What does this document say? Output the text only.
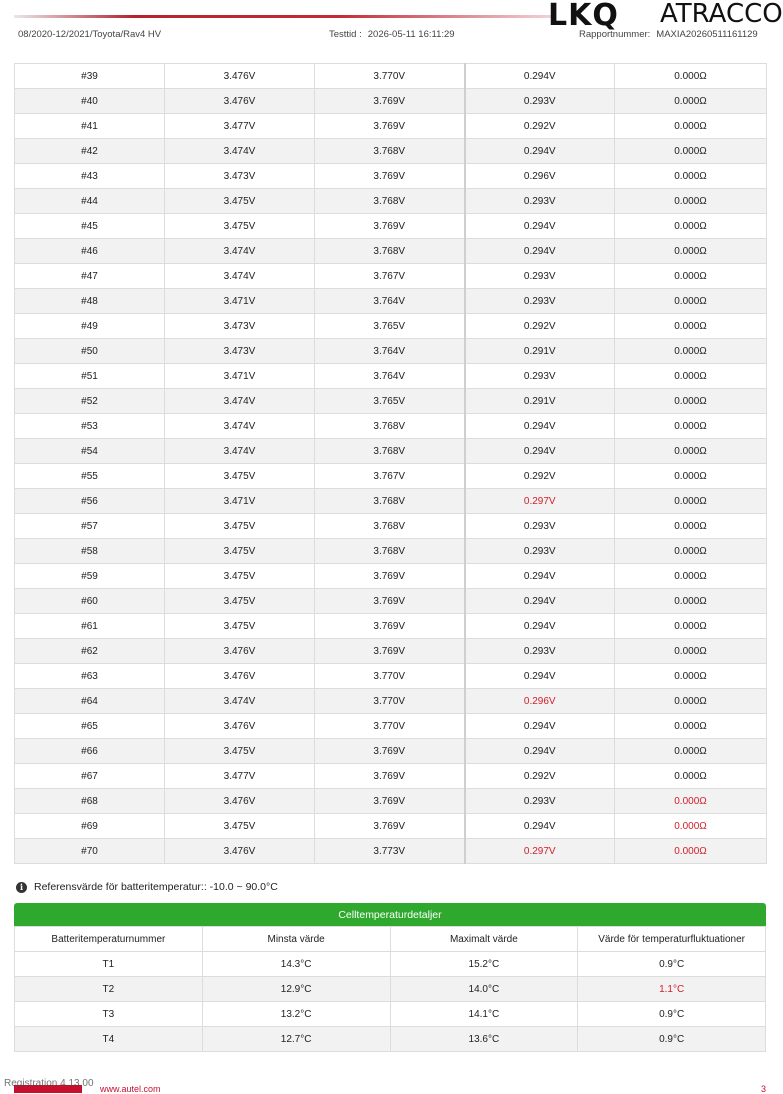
LKQ ATRACCO
08/2020-12/2021/Toyota/Rav4 HV	Testtid : 2026-05-11 16:11:29	Rapportnummer: MAXIA20260511161129
#39	3.476V	3.770V	0.294V	0.000Ω
#40	3.476V	3.769V	0.293V	0.000Ω
#41	3.477V	3.769V	0.292V	0.000Ω
#42	3.474V	3.768V	0.294V	0.000Ω
#43	3.473V	3.769V	0.296V	0.000Ω
#44	3.475V	3.768V	0.293V	0.000Ω
#45	3.475V	3.769V	0.294V	0.000Ω
#46	3.474V	3.768V	0.294V	0.000Ω
#47	3.474V	3.767V	0.293V	0.000Ω
#48	3.471V	3.764V	0.293V	0.000Ω
#49	3.473V	3.765V	0.292V	0.000Ω
#50	3.473V	3.764V	0.291V	0.000Ω
#51	3.471V	3.764V	0.293V	0.000Ω
#52	3.474V	3.765V	0.291V	0.000Ω
#53	3.474V	3.768V	0.294V	0.000Ω
#54	3.474V	3.768V	0.294V	0.000Ω
#55	3.475V	3.767V	0.292V	0.000Ω
#56	3.471V	3.768V	0.297V	0.000Ω
#57	3.475V	3.768V	0.293V	0.000Ω
#58	3.475V	3.768V	0.293V	0.000Ω
#59	3.475V	3.769V	0.294V	0.000Ω
#60	3.475V	3.769V	0.294V	0.000Ω
#61	3.475V	3.769V	0.294V	0.000Ω
#62	3.476V	3.769V	0.293V	0.000Ω
#63	3.476V	3.770V	0.294V	0.000Ω
#64	3.474V	3.770V	0.296V	0.000Ω
#65	3.476V	3.770V	0.294V	0.000Ω
#66	3.475V	3.769V	0.294V	0.000Ω
#67	3.477V	3.769V	0.292V	0.000Ω
#68	3.476V	3.769V	0.293V	0.000Ω
#69	3.475V	3.769V	0.294V	0.000Ω
#70	3.476V	3.773V	0.297V	0.000Ω
i	Referensvärde för batteritemperatur:: -10.0 ~ 90.0°C
Celltemperaturdetaljer
Batteritemperaturnummer	Minsta värde	Maximalt värde	Värde för temperaturfluktuationer
T1	14.3°C	15.2°C	0.9°C
T2	12.9°C	14.0°C	1.1°C
T3	13.2°C	14.1°C	0.9°C
T4	12.7°C	13.6°C	0.9°C
www.autel.com
Registration 4.13.00	3
